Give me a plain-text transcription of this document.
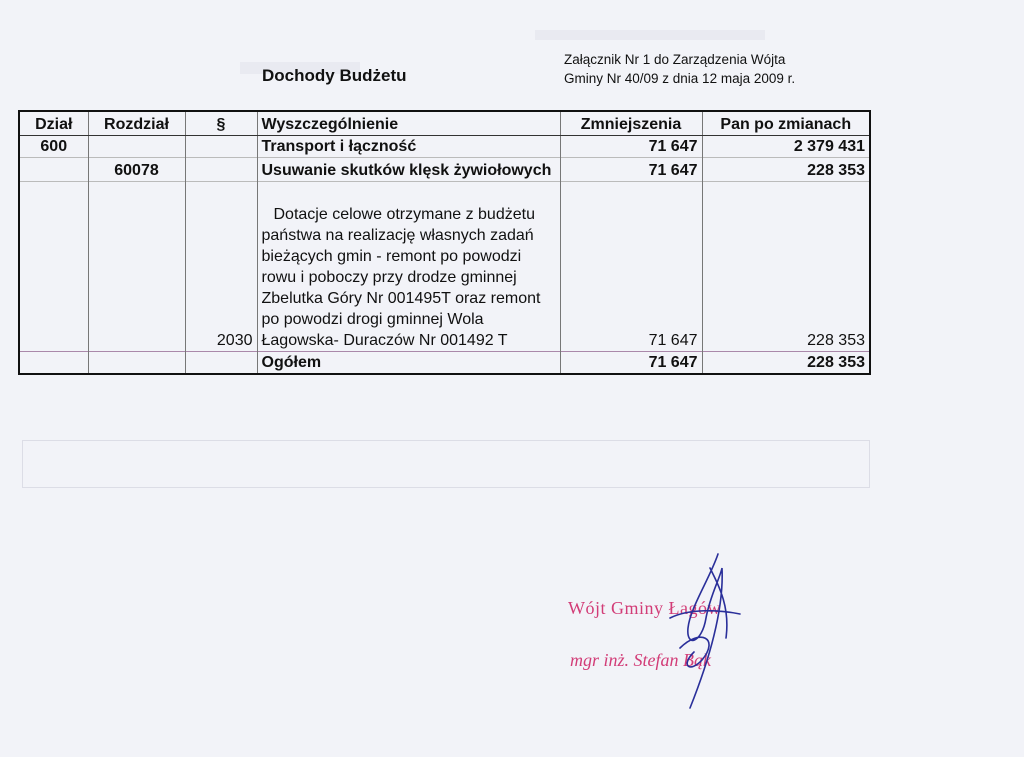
Dochody Budżetu
Załącznik Nr 1 do Zarządzenia Wójta
Gminy Nr 40/09 z dnia 12 maja 2009 r.
Dział	Rozdział	§	Wyszczególnienie	Zmniejszenia	Pan po zmianach
600			Transport i łączność	71 647	2 379 431
	60078		Usuwanie skutków klęsk żywiołowych	71 647	228 353
		2030	Dotacje celowe otrzymane z budżetu państwa na realizację własnych zadań bieżących gmin - remont po powodzi rowu i poboczy przy drodze gminnej Zbelutka Góry Nr 001495T oraz remont po powodzi drogi gminnej Wola Łagowska- Duraczów Nr 001492 T	71 647	228 353
			Ogółem	71 647	228 353
Wójt Gminy Łagów
mgr inż. Stefan Bąk
